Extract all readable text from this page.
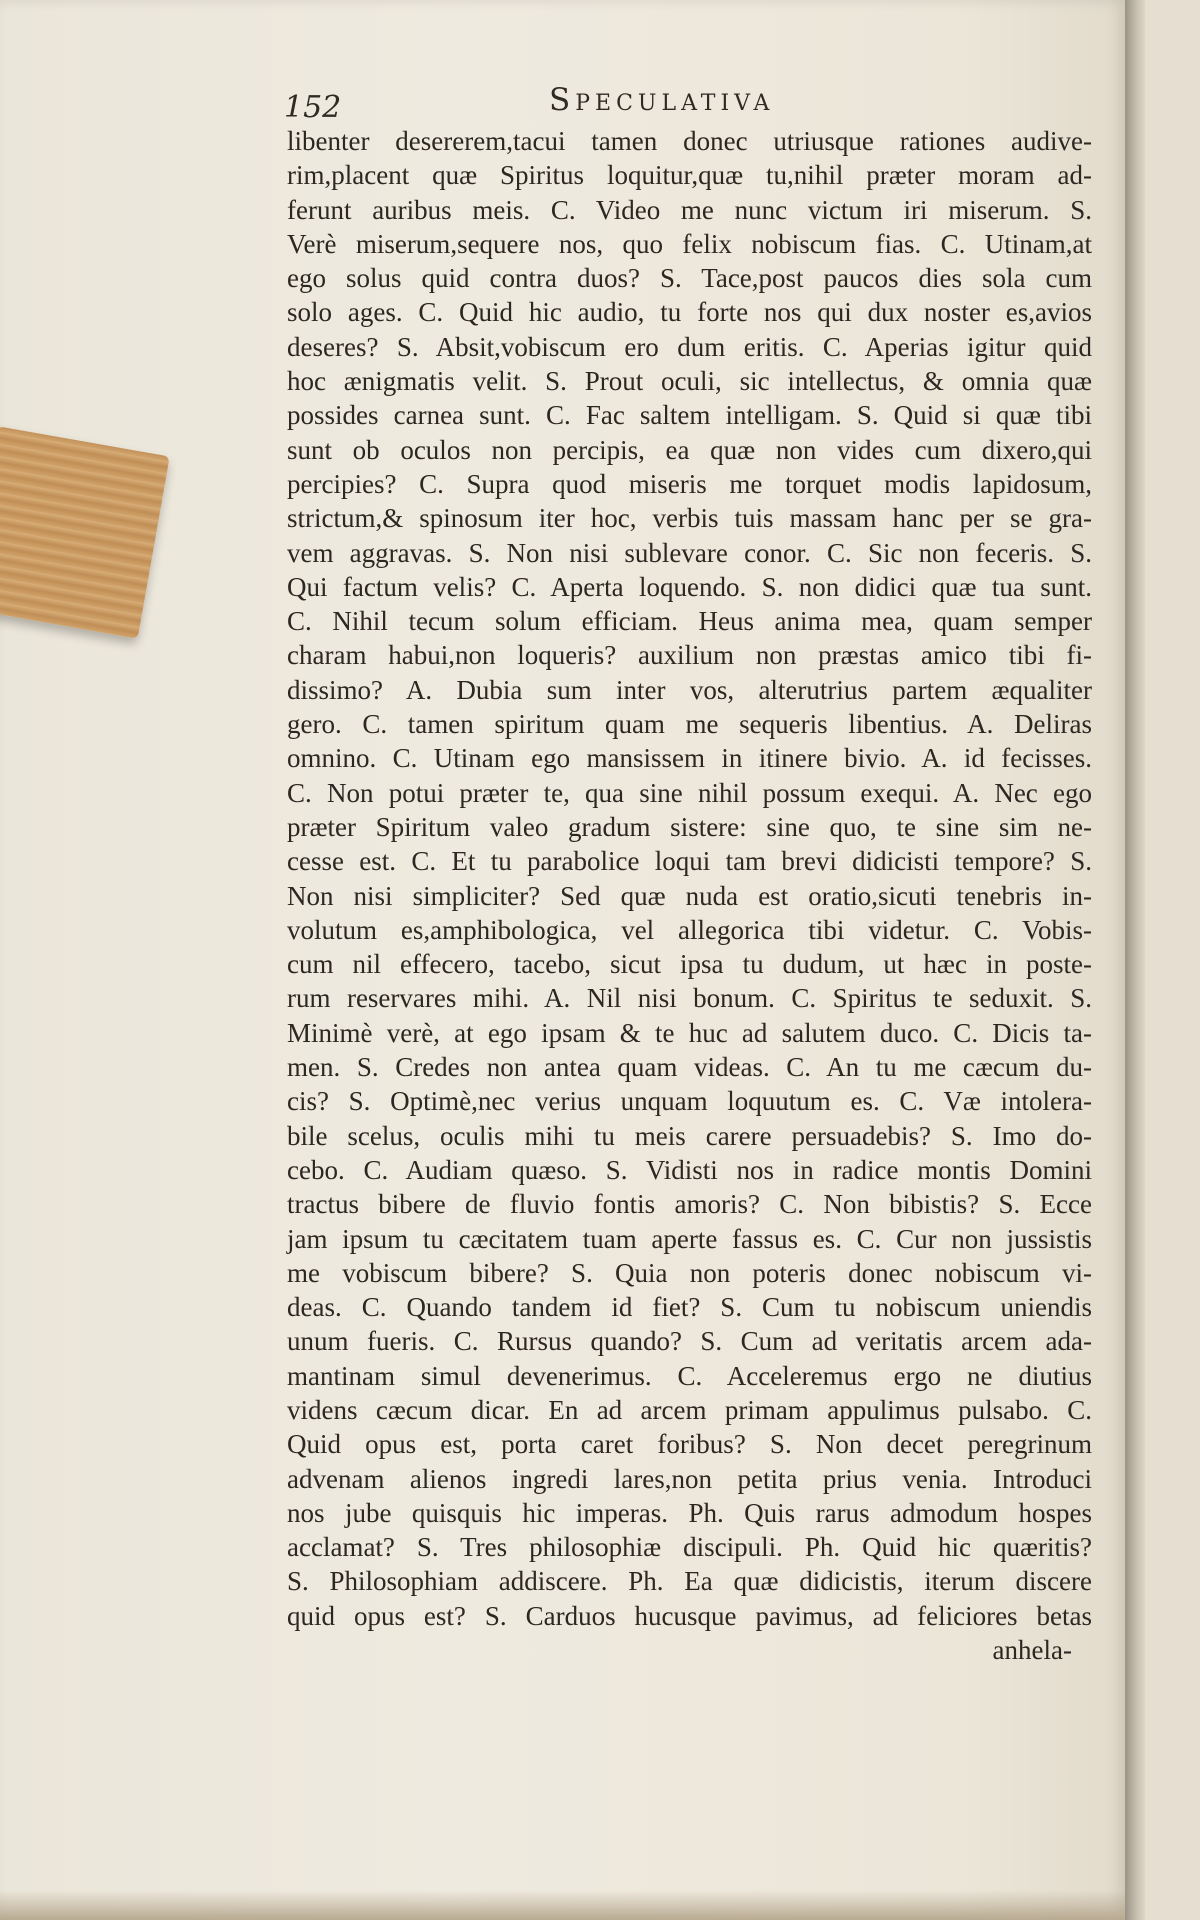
152	Speculativa
libenter desererem,tacui tamen donec utriusque rationes audive-
rim,placent quæ Spiritus loquitur,quæ tu,nihil præter moram ad-
ferunt auribus meis. C. Video me nunc victum iri miserum. S.
Verè miserum,sequere nos, quo felix nobiscum fias. C. Utinam,at
ego solus quid contra duos? S. Tace,post paucos dies sola cum
solo ages. C. Quid hic audio, tu forte nos qui dux noster es,avios
deseres? S. Absit,vobiscum ero dum eritis. C. Aperias igitur quid
hoc ænigmatis velit. S. Prout oculi, sic intellectus, & omnia quæ
possides carnea sunt. C. Fac saltem intelligam. S. Quid si quæ tibi
sunt ob oculos non percipis, ea quæ non vides cum dixero,qui
percipies? C. Supra quod miseris me torquet modis lapidosum,
strictum,& spinosum iter hoc, verbis tuis massam hanc per se gra-
vem aggravas. S. Non nisi sublevare conor. C. Sic non feceris. S.
Qui factum velis? C. Aperta loquendo. S. non didici quæ tua sunt.
C. Nihil tecum solum efficiam. Heus anima mea, quam semper
charam habui,non loqueris? auxilium non præstas amico tibi fi-
dissimo? A. Dubia sum inter vos, alterutrius partem æqualiter
gero. C. tamen spiritum quam me sequeris libentius. A. Deliras
omnino. C. Utinam ego mansissem in itinere bivio. A. id fecisses.
C. Non potui præter te, qua sine nihil possum exequi. A. Nec ego
præter Spiritum valeo gradum sistere: sine quo, te sine sim ne-
cesse est. C. Et tu parabolice loqui tam brevi didicisti tempore? S.
Non nisi simpliciter? Sed quæ nuda est oratio,sicuti tenebris in-
volutum es,amphibologica, vel allegorica tibi videtur. C. Vobis-
cum nil effecero, tacebo, sicut ipsa tu dudum, ut hæc in poste-
rum reservares mihi. A. Nil nisi bonum. C. Spiritus te seduxit. S.
Minimè verè, at ego ipsam & te huc ad salutem duco. C. Dicis ta-
men. S. Credes non antea quam videas. C. An tu me cæcum du-
cis? S. Optimè,nec verius unquam loquutum es. C. Væ intolera-
bile scelus, oculis mihi tu meis carere persuadebis? S. Imo do-
cebo. C. Audiam quæso. S. Vidisti nos in radice montis Domini
tractus bibere de fluvio fontis amoris? C. Non bibistis? S. Ecce
jam ipsum tu cæcitatem tuam aperte fassus es. C. Cur non jussistis
me vobiscum bibere? S. Quia non poteris donec nobiscum vi-
deas. C. Quando tandem id fiet? S. Cum tu nobiscum uniendis
unum fueris. C. Rursus quando? S. Cum ad veritatis arcem ada-
mantinam simul devenerimus. C. Acceleremus ergo ne diutius
videns cæcum dicar. En ad arcem primam appulimus pulsabo. C.
Quid opus est, porta caret foribus? S. Non decet peregrinum
advenam alienos ingredi lares,non petita prius venia. Introduci
nos jube quisquis hic imperas. Ph. Quis rarus admodum hospes
acclamat? S. Tres philosophiæ discipuli. Ph. Quid hic quæritis?
S. Philosophiam addiscere. Ph. Ea quæ didicistis, iterum discere
quid opus est? S. Carduos hucusque pavimus, ad feliciores betas
anhela-
